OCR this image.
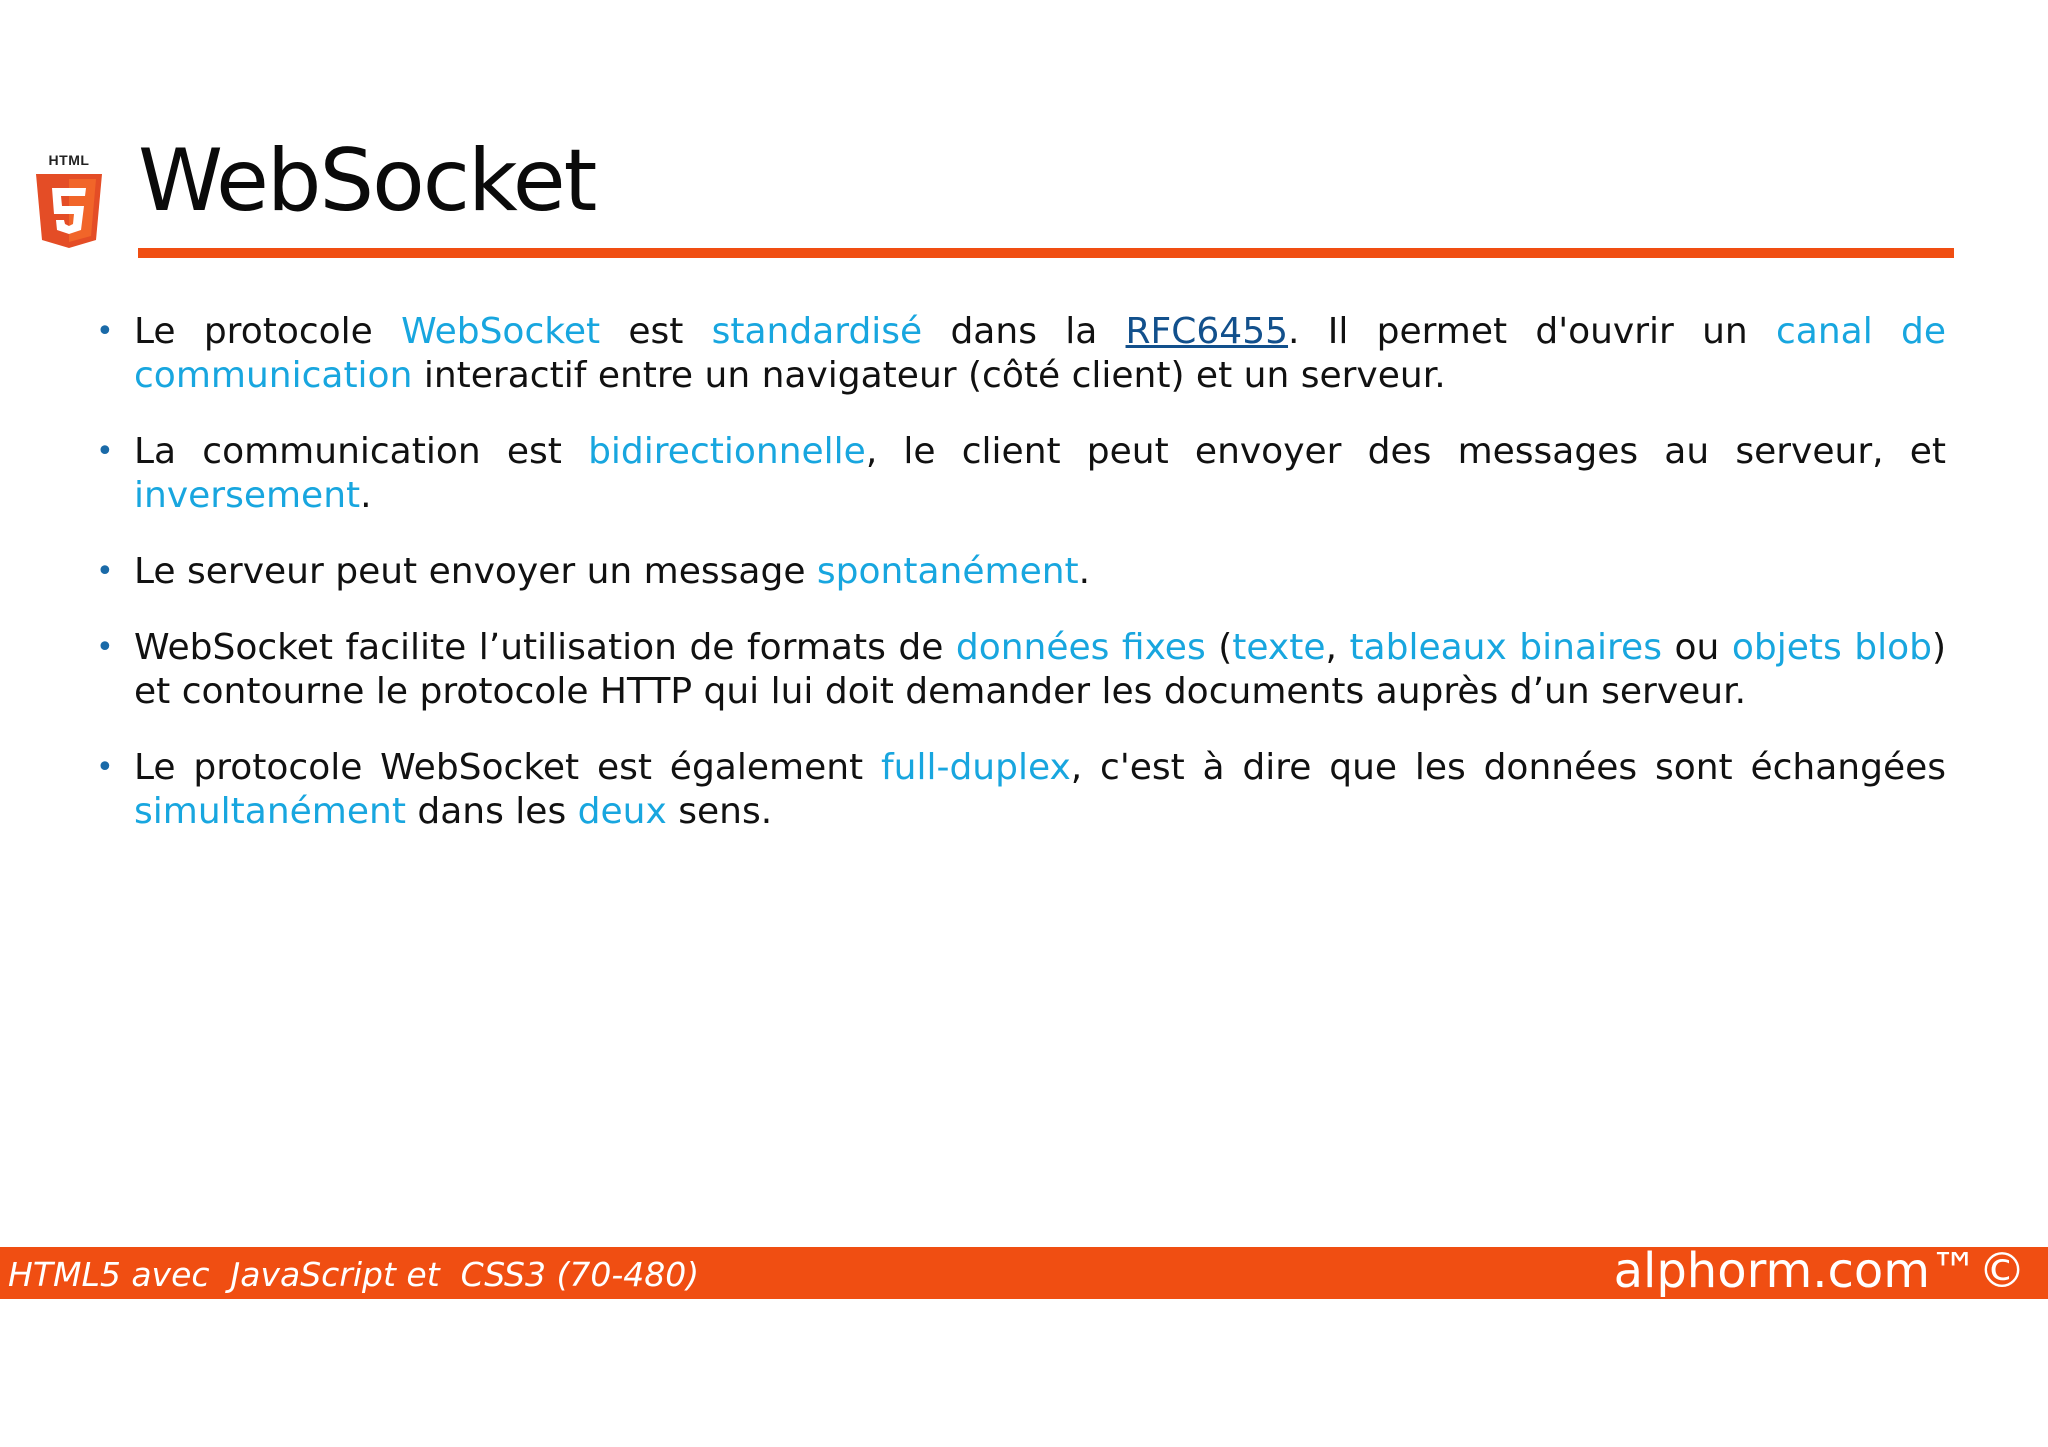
HTML WebSocket
• Le protocole WebSocket est standardisé dans la RFC6455. Il permet d'ouvrir un canal de communication interactif entre un navigateur (côté client) et un serveur.

• La communication est bidirectionnelle, le client peut envoyer des messages au serveur, et inversement.

• Le serveur peut envoyer un message spontanément.

• WebSocket facilite l’utilisation de formats de données fixes (texte, tableaux binaires ou objets blob) et contourne le protocole HTTP qui lui doit demander les documents auprès d’un serveur.

• Le protocole WebSocket est également full-duplex, c'est à dire que les données sont échangées simultanément dans les deux sens.

HTML5 avec  JavaScript et  CSS3 (70-480)	alphorm.com™©
